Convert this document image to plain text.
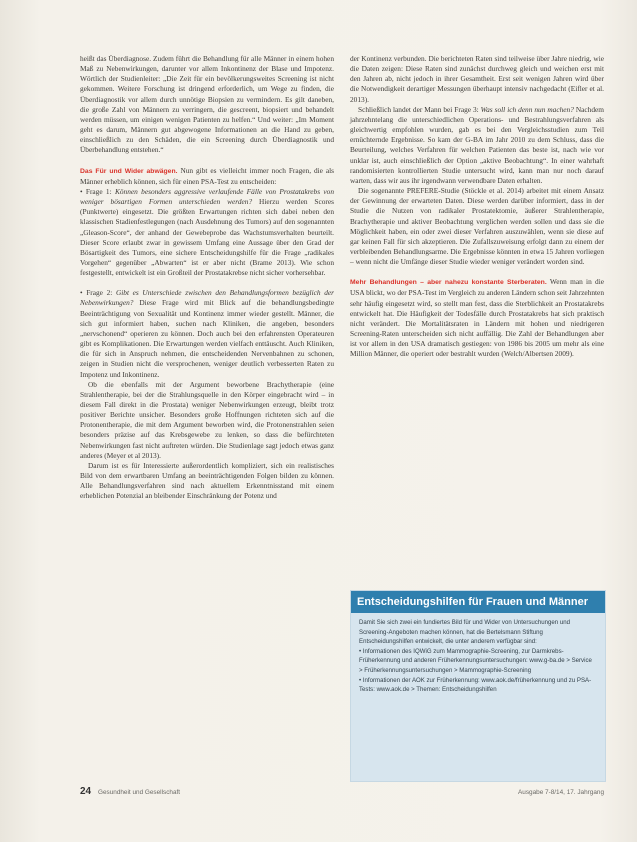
heißt das Überdiagnose. Zudem führt die Behandlung für alle Männer in einem hohen Maß zu Nebenwirkungen, darunter vor allem Inkontinenz der Blase und Impotenz. Wörtlich der Studienleiter: „Die Zeit für ein bevölkerungsweites Screening ist nicht gekommen. Weitere Forschung ist dringend erforderlich, um Wege zu finden, die Überdiagnostik vor allem durch unnötige Biopsien zu vermindern. Es gilt daneben, die große Zahl von Männern zu verringern, die gescreent, biopsiert und behandelt werden müssen, um einigen wenigen Patienten zu helfen.“ Und weiter: „Im Moment geht es darum, Männern gut abgewogene Informationen an die Hand zu geben, einschließlich zu den Schäden, die ein Screening durch Überdiagnostik und Überbehandlung entstehen.“

Das Für und Wider abwägen. Nun gibt es vielleicht immer noch Fragen, die als Männer erheblich können, sich für einen PSA-Test zu entscheiden:

• Frage 1: Können besonders aggressive verlaufende Fälle von Prostatakrebs von weniger bösartigen Formen unterschieden werden? Hierzu werden Scores (Punktwerte) eingesetzt. Die größten Erwartungen richten sich dabei neben den klassischen Stadienfestlegungen (nach Ausdehnung des Tumors) auf den sogenannten „Gleason-Score“, der anhand der Gewebeprobe das Wachstumsverhalten beurteilt. Dieser Score erlaubt zwar in gewissem Umfang eine Aussage über den Grad der Bösartigkeit des Tumors, eine sichere Entscheidungshilfe für die Frage „radikales Vorgehen“ gegenüber „Abwarten“ ist er aber nicht (Brame 2013). Wie schon festgestellt, entwickelt ist ein Großteil der Prostatakrebse nicht sicher vorhersehbar.

• Frage 2: Gibt es Unterschiede zwischen den Behandlungsformen bezüglich der Nebenwirkungen? Diese Frage wird mit Blick auf die behandlungsbedingte Beeinträchtigung von Sexualität und Kontinenz immer wieder gestellt. Männer, die sich gut informiert haben, suchen nach Kliniken, die angeben, besonders „nervschonend“ operieren zu können. Doch auch bei den erfahrensten Operateuren gibt es Komplikationen. Die Erwartungen werden vielfach enttäuscht. Auch Kliniken, die für sich in Anspruch nehmen, die entscheidenden Nervenbahnen zu schonen, zeigen in Studien nicht die versprochenen, weniger deutlich verbesserten Raten zu Impotenz und Inkontinenz.

Ob die ebenfalls mit der Argument beworbene Brachytherapie (eine Strahlentherapie, bei der die Strahlungsquelle in den Körper eingebracht wird – in diesem Fall direkt in die Prostata) weniger Nebenwirkungen erzeugt, bleibt trotz positiver Berichte unsicher. Besonders große Hoffnungen richteten sich auf die Protonentherapie, die mit dem Argument beworben wird, die Protonenstrahlen seien besonders präzise auf das Krebsgewebe zu lenken, so dass die befürchteten Nebenwirkungen fast nicht auftreten würden. Die Studienlage sagt jedoch etwas ganz anderes (Meyer et al 2013).

Darum ist es für Interessierte außerordentlich kompliziert, sich ein realistisches Bild von dem erwartbaren Umfang an beeinträchtigenden Folgen bilden zu können. Alle Behandlungsverfahren sind nach aktuellem Erkenntnisstand mit einem erheblichen Potenzial an bleibender Einschränkung der Potenz und

der Kontinenz verbunden. Die berichteten Raten sind teilweise über Jahre niedrig, wie die Daten zeigen: Diese Raten sind zunächst durchweg gleich und weichen erst mit den Jahren ab, nicht jedoch in ihrer Gesamtheit. Erst seit wenigen Jahren wird über die Notwendigkeit derartiger Messungen überhaupt intensiv nachgedacht (Eifler et al. 2013).

Schließlich landet der Mann bei Frage 3: Was soll ich denn nun machen? Nachdem jahrzehntelang die unterschiedlichen Operations- und Bestrahlungsverfahren als gleichwertig empfohlen wurden, gab es bei den Vergleichsstudien zum Teil ernüchternde Ergebnisse. So kam der G-BA im Jahr 2010 zu dem Schluss, dass die Beurteilung, welches Verfahren für welchen Patienten das beste ist, nach wie vor unklar ist, auch einschließlich der Option „aktive Beobachtung“. In einer wahrhaft randomisierten kontrollierten Studie untersucht wird, kann man nur noch darauf warten, dass wir aus ihr irgendwann verwendbare Daten erhalten.

Die sogenannte PREFERE-Studie (Stöckle et al. 2014) arbeitet mit einem Ansatz der Gewinnung der erwarteten Daten. Diese werden darüber informiert, dass in der Studie die Nutzen von radikaler Prostatektomie, äußerer Strahlentherapie, Brachytherapie und aktiver Beobachtung verglichen werden sollen und dass sie die Möglichkeit haben, ein oder zwei dieser Verfahren auszuwählen, wenn sie diese auf gar keinen Fall für sich akzeptieren. Die Zufallszuweisung erfolgt dann zu einem der verbleibenden Behandlungsarme. Die Ergebnisse könnten in etwa 15 Jahren vorliegen – wenn nicht die Umfänge dieser Studie wieder weniger verändert worden sind.

Mehr Behandlungen – aber nahezu konstante Sterberaten. Wenn man in die USA blickt, wo der PSA-Test im Vergleich zu anderen Ländern schon seit Jahrzehnten sehr häufig eingesetzt wird, so stellt man fest, dass die Sterblichkeit an Prostatakrebs entwickelt hat. Die Häufigkeit der Todesfälle durch Prostatakrebs hat sich praktisch nicht verändert. Die Mortalitätsraten in Ländern mit hohen und niedrigeren Screening-Raten unterscheiden sich nicht auffällig. Die Zahl der Behandlungen aber ist vor allem in den USA dramatisch gestiegen: von 1986 bis 2005 um mehr als eine Million Männer, die operiert oder bestrahlt wurden (Welch/Albertsen 2009).

Entscheidungshilfen für Frauen und Männer

Damit Sie sich zwei ein fundiertes Bild für und Wider von Untersuchungen und Screening-Angeboten machen können, hat die Bertelsmann Stiftung Entscheidungshilfen entwickelt, die unter anderem verfügbar sind:

• Informationen des IQWiG zum Mammographie-Screening, zur Darmkrebs-Früherkennung und anderen Früherkennungsuntersuchungen: www.g-ba.de > Service > Früherkennungsuntersuchungen > Mammographie-Screening
• Informationen der AOK zur Früherkennung: www.aok.de/früherkennung und zu PSA-Tests: www.aok.de > Themen: Entscheidungshilfen
24 Gesundheit und Gesellschaft	Ausgabe 7-8/14, 17. Jahrgang
